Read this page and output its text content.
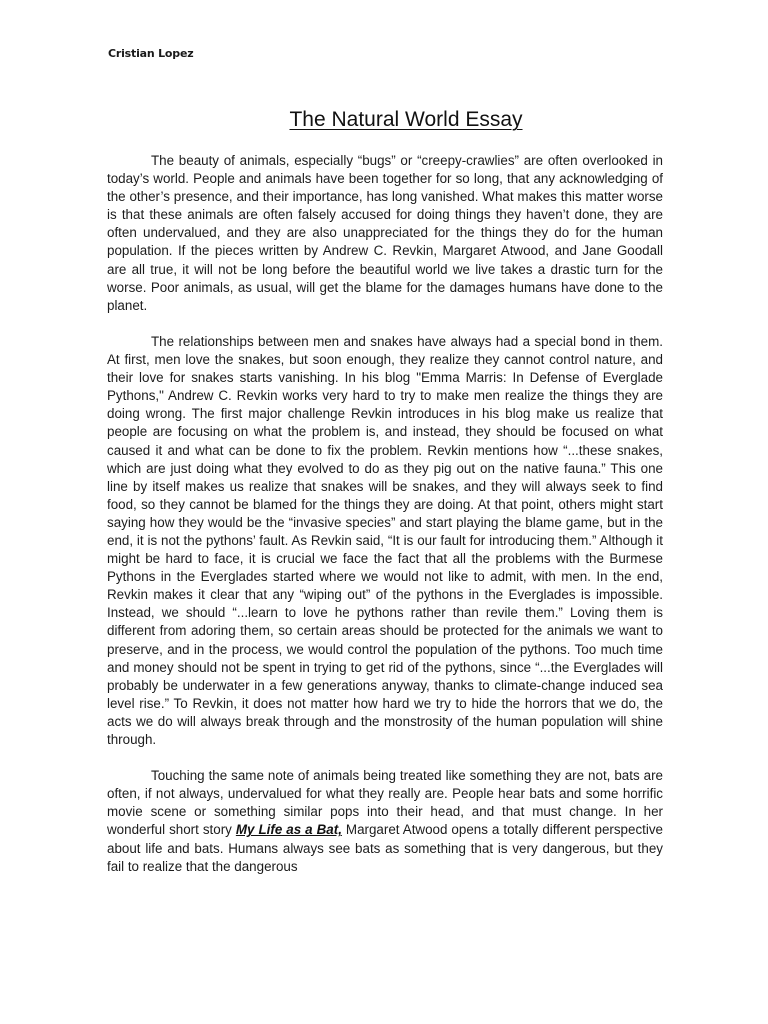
Cristian Lopez
The Natural World Essay

The beauty of animals, especially “bugs” or “creepy-crawlies” are often overlooked in today’s world. People and animals have been together for so long, that any acknowledging of the other’s presence, and their importance, has long vanished. What makes this matter worse is that these animals are often falsely accused for doing things they haven’t done, they are often undervalued, and they are also unappreciated for the things they do for the human population. If the pieces written by Andrew C. Revkin, Margaret Atwood, and Jane Goodall are all true, it will not be long before the beautiful world we live takes a drastic turn for the worse. Poor animals, as usual, will get the blame for the damages humans have done to the planet.

The relationships between men and snakes have always had a special bond in them. At first, men love the snakes, but soon enough, they realize they cannot control nature, and their love for snakes starts vanishing. In his blog "Emma Marris: In Defense of Everglade Pythons," Andrew C. Revkin works very hard to try to make men realize the things they are doing wrong. The first major challenge Revkin introduces in his blog make us realize that people are focusing on what the problem is, and instead, they should be focused on what caused it and what can be done to fix the problem. Revkin mentions how “...these snakes, which are just doing what they evolved to do as they pig out on the native fauna.” This one line by itself makes us realize that snakes will be snakes, and they will always seek to find food, so they cannot be blamed for the things they are doing. At that point, others might start saying how they would be the “invasive species” and start playing the blame game, but in the end, it is not the pythons’ fault. As Revkin said, “It is our fault for introducing them.” Although it might be hard to face, it is crucial we face the fact that all the problems with the Burmese Pythons in the Everglades started where we would not like to admit, with men. In the end, Revkin makes it clear that any “wiping out” of the pythons in the Everglades is impossible. Instead, we should “...learn to love he pythons rather than revile them.” Loving them is different from adoring them, so certain areas should be protected for the animals we want to preserve, and in the process, we would control the population of the pythons. Too much time and money should not be spent in trying to get rid of the pythons, since “...the Everglades will probably be underwater in a few generations anyway, thanks to climate-change induced sea level rise.” To Revkin, it does not matter how hard we try to hide the horrors that we do, the acts we do will always break through and the monstrosity of the human population will shine through.

Touching the same note of animals being treated like something they are not, bats are often, if not always, undervalued for what they really are. People hear bats and some horrific movie scene or something similar pops into their head, and that must change. In her wonderful short story My Life as a Bat, Margaret Atwood opens a totally different perspective about life and bats. Humans always see bats as something that is very dangerous, but they fail to realize that the dangerous
